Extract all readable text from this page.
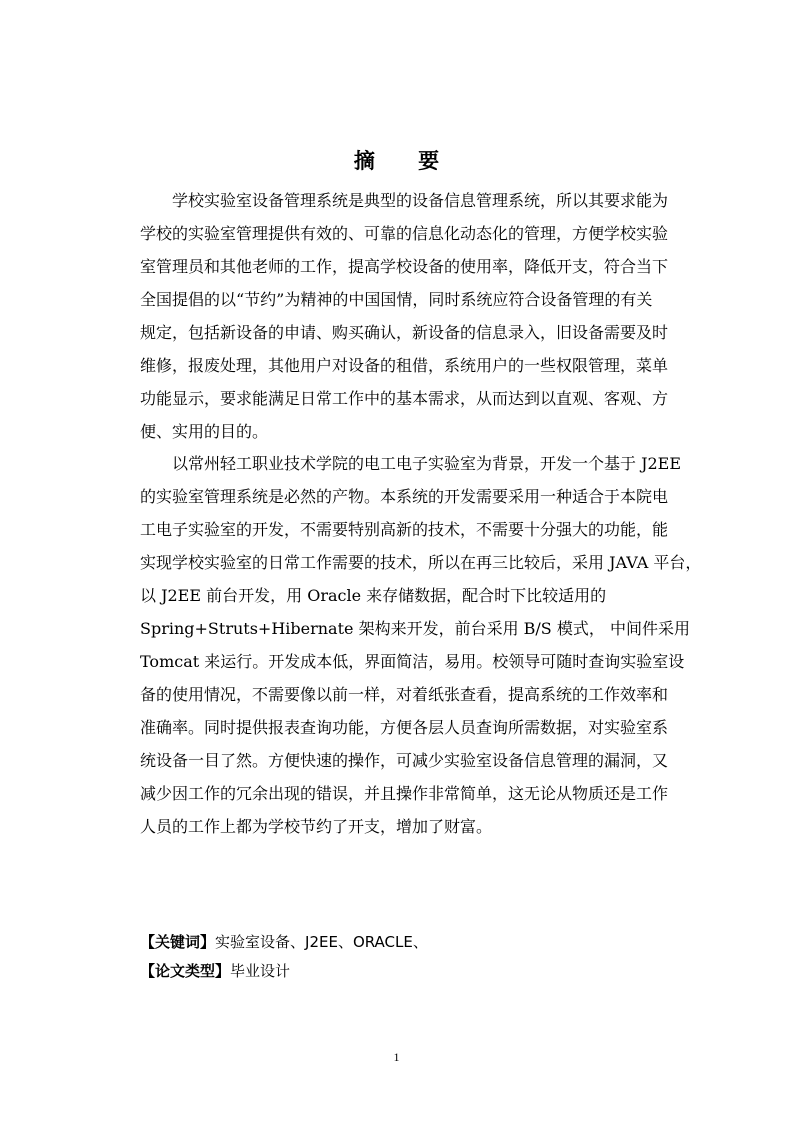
摘 要
学校实验室设备管理系统是典型的设备信息管理系统，所以其要求能为
学校的实验室管理提供有效的、可靠的信息化动态化的管理，方便学校实验
室管理员和其他老师的工作，提高学校设备的使用率，降低开支，符合当下
全国提倡的以“节约”为精神的中国国情，同时系统应符合设备管理的有关
规定，包括新设备的申请、购买确认，新设备的信息录入，旧设备需要及时
维修，报废处理，其他用户对设备的租借，系统用户的一些权限管理，菜单
功能显示，要求能满足日常工作中的基本需求，从而达到以直观、客观、方
便、实用的目的。
以常州轻工职业技术学院的电工电子实验室为背景，开发一个基于 J2EE
的实验室管理系统是必然的产物。本系统的开发需要采用一种适合于本院电
工电子实验室的开发，不需要特别高新的技术，不需要十分强大的功能，能
实现学校实验室的日常工作需要的技术，所以在再三比较后，采用 JAVA 平台，
以 J2EE 前台开发，用 Oracle 来存储数据，配合时下比较适用的
Spring+Struts+Hibernate 架构来开发，前台采用 B/S 模式， 中间件采用
Tomcat 来运行。开发成本低，界面简洁，易用。校领导可随时查询实验室设
备的使用情况，不需要像以前一样，对着纸张查看，提高系统的工作效率和
准确率。同时提供报表查询功能，方便各层人员查询所需数据，对实验室系
统设备一目了然。方便快速的操作，可减少实验室设备信息管理的漏洞，又
减少因工作的冗余出现的错误，并且操作非常简单，这无论从物质还是工作
人员的工作上都为学校节约了开支，增加了财富。
【关键词】实验室设备、J2EE、ORACLE、
【论文类型】毕业设计
1
